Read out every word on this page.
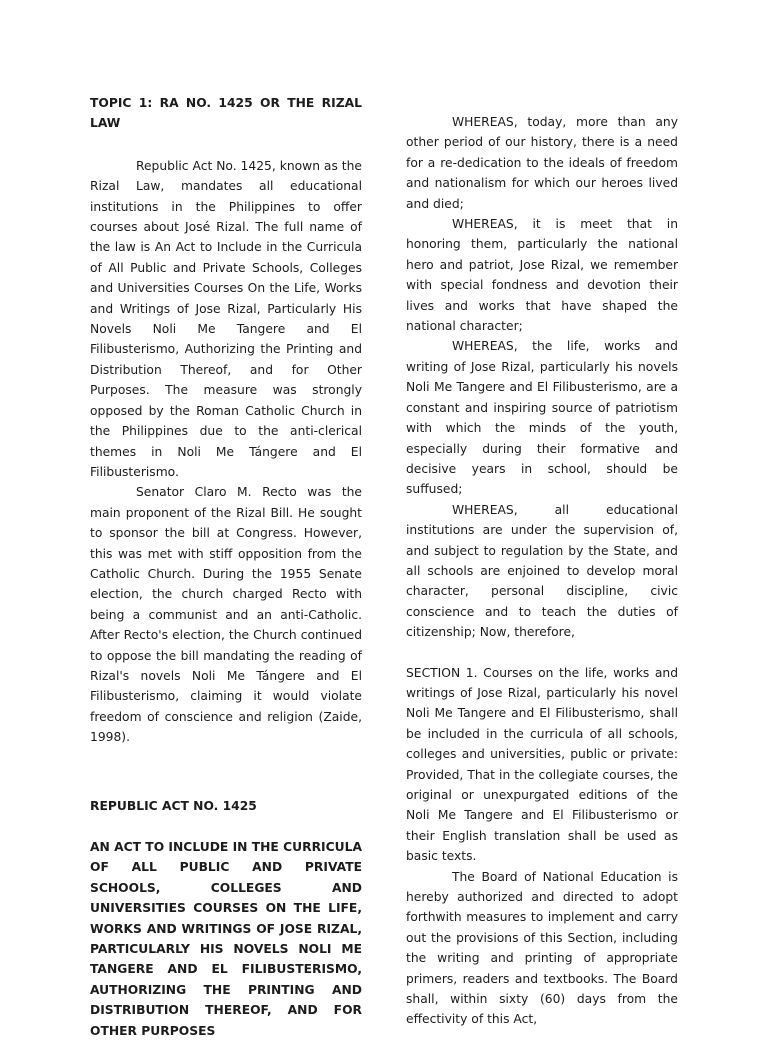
TOPIC 1: RA NO. 1425 OR THE RIZAL LAW

Republic Act No. 1425, known as the Rizal Law, mandates all educational institutions in the Philippines to offer courses about José Rizal. The full name of the law is An Act to Include in the Curricula of All Public and Private Schools, Colleges and Universities Courses On the Life, Works and Writings of Jose Rizal, Particularly His Novels Noli Me Tangere and El Filibusterismo, Authorizing the Printing and Distribution Thereof, and for Other Purposes. The measure was strongly opposed by the Roman Catholic Church in the Philippines due to the anti-clerical themes in Noli Me Tángere and El Filibusterismo.

Senator Claro M. Recto was the main proponent of the Rizal Bill. He sought to sponsor the bill at Congress. However, this was met with stiff opposition from the Catholic Church. During the 1955 Senate election, the church charged Recto with being a communist and an anti-Catholic. After Recto's election, the Church continued to oppose the bill mandating the reading of Rizal's novels Noli Me Tángere and El Filibusterismo, claiming it would violate freedom of conscience and religion (Zaide, 1998).

REPUBLIC ACT NO. 1425

AN ACT TO INCLUDE IN THE CURRICULA OF ALL PUBLIC AND PRIVATE SCHOOLS, COLLEGES AND UNIVERSITIES COURSES ON THE LIFE, WORKS AND WRITINGS OF JOSE RIZAL, PARTICULARLY HIS NOVELS NOLI ME TANGERE AND EL FILIBUSTERISMO, AUTHORIZING THE PRINTING AND DISTRIBUTION THEREOF, AND FOR OTHER PURPOSES

WHEREAS, today, more than any other period of our history, there is a need for a re-dedication to the ideals of freedom and nationalism for which our heroes lived and died;

WHEREAS, it is meet that in honoring them, particularly the national hero and patriot, Jose Rizal, we remember with special fondness and devotion their lives and works that have shaped the national character;

WHEREAS, the life, works and writing of Jose Rizal, particularly his novels Noli Me Tangere and El Filibusterismo, are a constant and inspiring source of patriotism with which the minds of the youth, especially during their formative and decisive years in school, should be suffused;

WHEREAS, all educational institutions are under the supervision of, and subject to regulation by the State, and all schools are enjoined to develop moral character, personal discipline, civic conscience and to teach the duties of citizenship; Now, therefore,

SECTION 1. Courses on the life, works and writings of Jose Rizal, particularly his novel Noli Me Tangere and El Filibusterismo, shall be included in the curricula of all schools, colleges and universities, public or private: Provided, That in the collegiate courses, the original or unexpurgated editions of the Noli Me Tangere and El Filibusterismo or their English translation shall be used as basic texts.

The Board of National Education is hereby authorized and directed to adopt forthwith measures to implement and carry out the provisions of this Section, including the writing and printing of appropriate primers, readers and textbooks. The Board shall, within sixty (60) days from the effectivity of this Act,
